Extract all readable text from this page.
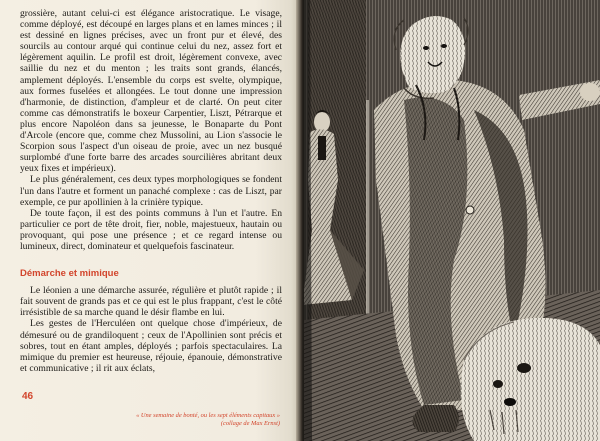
grossière, autant celui-ci est élégance aristocratique. Le visage, comme déployé, est découpé en larges plans et en lames minces ; il est dessiné en lignes précises, avec un front pur et élevé, des sourcils au contour arqué qui continue celui du nez, assez fort et légèrement aquilin. Le profil est droit, légèrement convexe, avec saillie du nez et du menton ; les traits sont grands, élancés, amplement déployés. L'ensemble du corps est svelte, olympique, aux formes fuselées et allongées. Le tout donne une impression d'harmonie, de distinction, d'ampleur et de clarté. On peut citer comme cas démonstratifs le boxeur Carpentier, Liszt, Pétrarque et plus encore Napoléon dans sa jeunesse, le Bonaparte du Pont d'Arcole (encore que, comme chez Mussolini, au Lion s'associe le Scorpion sous l'aspect d'un oiseau de proie, avec un nez busqué surplombé d'une forte barre des arcades sourcilières abritant deux yeux fixes et impérieux).

Le plus généralement, ces deux types morphologiques se fondent l'un dans l'autre et forment un panaché complexe : cas de Liszt, par exemple, ce pur apollinien à la crinière typique.

De toute façon, il est des points communs à l'un et l'autre. En particulier ce port de tête droit, fier, noble, majestueux, hautain ou provoquant, qui pose une présence ; et ce regard intense ou lumineux, direct, dominateur et quelquefois fascinateur.

Démarche et mimique

Le léonien a une démarche assurée, régulière et plutôt rapide ; il fait souvent de grands pas et ce qui est le plus frappant, c'est le côté irrésistible de sa marche quand le désir flambe en lui.

Les gestes de l'Herculéen ont quelque chose d'impérieux, de démesuré ou de grandiloquent ; ceux de l'Apollinien sont précis et sobres, tout en étant amples, déployés ; parfois spectaculaires. La mimique du premier est heureuse, réjouie, épanouie, démonstrative et communicative ; il rit aux éclats,

46
« Une semaine de bonté, ou les sept éléments capitaux »
(collage de Max Ernst)
